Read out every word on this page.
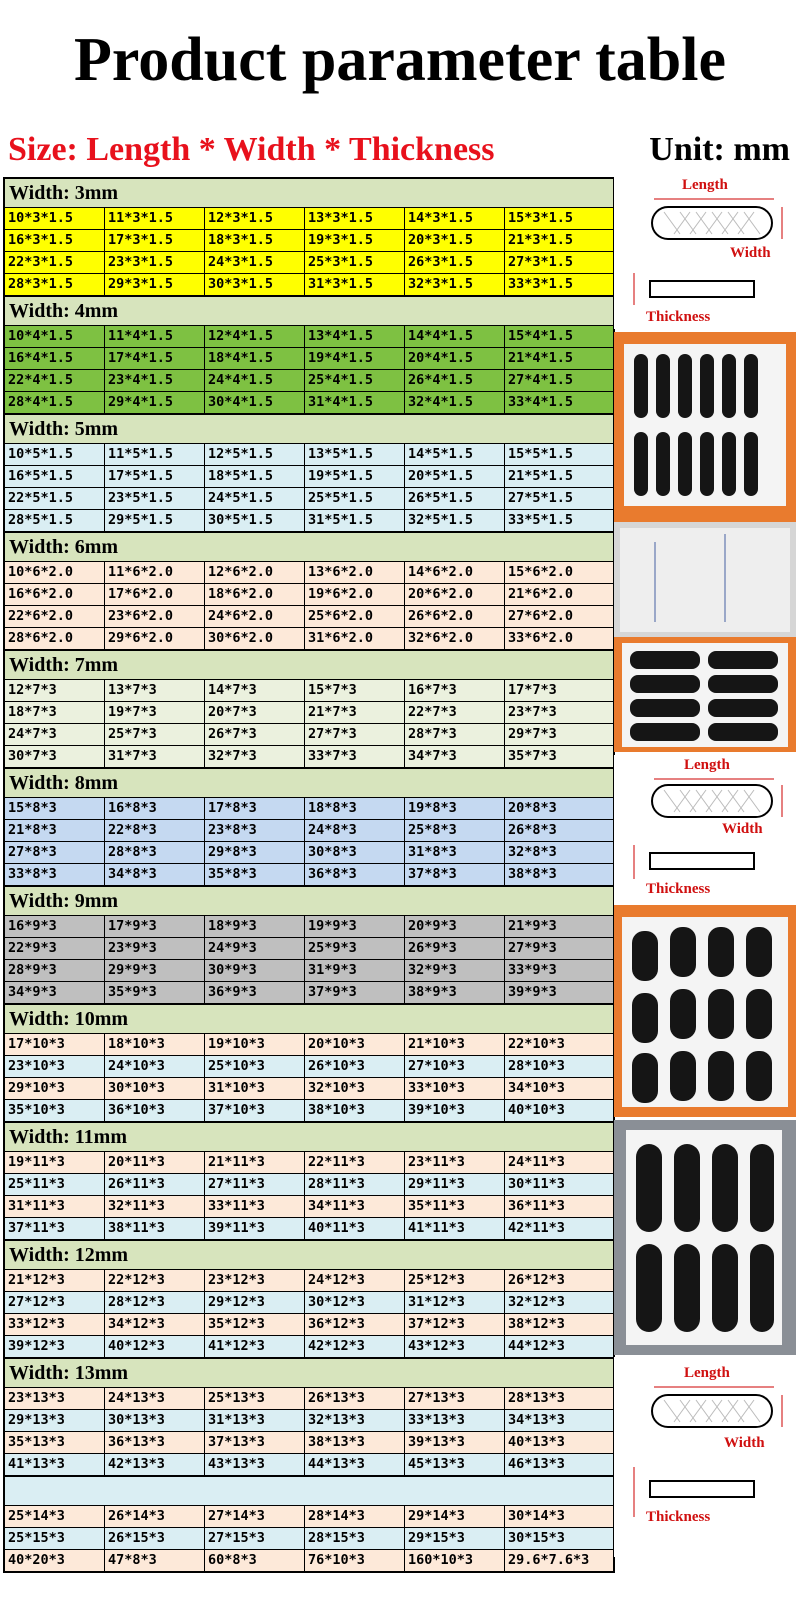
Product parameter table
Size: Length * Width * Thickness	Unit: mm
Width: 3mm
10*3*1.5	11*3*1.5	12*3*1.5	13*3*1.5	14*3*1.5	15*3*1.5
16*3*1.5	17*3*1.5	18*3*1.5	19*3*1.5	20*3*1.5	21*3*1.5
22*3*1.5	23*3*1.5	24*3*1.5	25*3*1.5	26*3*1.5	27*3*1.5
28*3*1.5	29*3*1.5	30*3*1.5	31*3*1.5	32*3*1.5	33*3*1.5
Width: 4mm
10*4*1.5	11*4*1.5	12*4*1.5	13*4*1.5	14*4*1.5	15*4*1.5
16*4*1.5	17*4*1.5	18*4*1.5	19*4*1.5	20*4*1.5	21*4*1.5
22*4*1.5	23*4*1.5	24*4*1.5	25*4*1.5	26*4*1.5	27*4*1.5
28*4*1.5	29*4*1.5	30*4*1.5	31*4*1.5	32*4*1.5	33*4*1.5
Width: 5mm
10*5*1.5	11*5*1.5	12*5*1.5	13*5*1.5	14*5*1.5	15*5*1.5
16*5*1.5	17*5*1.5	18*5*1.5	19*5*1.5	20*5*1.5	21*5*1.5
22*5*1.5	23*5*1.5	24*5*1.5	25*5*1.5	26*5*1.5	27*5*1.5
28*5*1.5	29*5*1.5	30*5*1.5	31*5*1.5	32*5*1.5	33*5*1.5
Width: 6mm
10*6*2.0	11*6*2.0	12*6*2.0	13*6*2.0	14*6*2.0	15*6*2.0
16*6*2.0	17*6*2.0	18*6*2.0	19*6*2.0	20*6*2.0	21*6*2.0
22*6*2.0	23*6*2.0	24*6*2.0	25*6*2.0	26*6*2.0	27*6*2.0
28*6*2.0	29*6*2.0	30*6*2.0	31*6*2.0	32*6*2.0	33*6*2.0
Width: 7mm
12*7*3	13*7*3	14*7*3	15*7*3	16*7*3	17*7*3
18*7*3	19*7*3	20*7*3	21*7*3	22*7*3	23*7*3
24*7*3	25*7*3	26*7*3	27*7*3	28*7*3	29*7*3
30*7*3	31*7*3	32*7*3	33*7*3	34*7*3	35*7*3
Width: 8mm
15*8*3	16*8*3	17*8*3	18*8*3	19*8*3	20*8*3
21*8*3	22*8*3	23*8*3	24*8*3	25*8*3	26*8*3
27*8*3	28*8*3	29*8*3	30*8*3	31*8*3	32*8*3
33*8*3	34*8*3	35*8*3	36*8*3	37*8*3	38*8*3
Width: 9mm
16*9*3	17*9*3	18*9*3	19*9*3	20*9*3	21*9*3
22*9*3	23*9*3	24*9*3	25*9*3	26*9*3	27*9*3
28*9*3	29*9*3	30*9*3	31*9*3	32*9*3	33*9*3
34*9*3	35*9*3	36*9*3	37*9*3	38*9*3	39*9*3
Width: 10mm
17*10*3	18*10*3	19*10*3	20*10*3	21*10*3	22*10*3
23*10*3	24*10*3	25*10*3	26*10*3	27*10*3	28*10*3
29*10*3	30*10*3	31*10*3	32*10*3	33*10*3	34*10*3
35*10*3	36*10*3	37*10*3	38*10*3	39*10*3	40*10*3
Width: 11mm
19*11*3	20*11*3	21*11*3	22*11*3	23*11*3	24*11*3
25*11*3	26*11*3	27*11*3	28*11*3	29*11*3	30*11*3
31*11*3	32*11*3	33*11*3	34*11*3	35*11*3	36*11*3
37*11*3	38*11*3	39*11*3	40*11*3	41*11*3	42*11*3
Width: 12mm
21*12*3	22*12*3	23*12*3	24*12*3	25*12*3	26*12*3
27*12*3	28*12*3	29*12*3	30*12*3	31*12*3	32*12*3
33*12*3	34*12*3	35*12*3	36*12*3	37*12*3	38*12*3
39*12*3	40*12*3	41*12*3	42*12*3	43*12*3	44*12*3
Width: 13mm
23*13*3	24*13*3	25*13*3	26*13*3	27*13*3	28*13*3
29*13*3	30*13*3	31*13*3	32*13*3	33*13*3	34*13*3
35*13*3	36*13*3	37*13*3	38*13*3	39*13*3	40*13*3
41*13*3	42*13*3	43*13*3	44*13*3	45*13*3	46*13*3
25*14*3	26*14*3	27*14*3	28*14*3	29*14*3	30*14*3
25*15*3	26*15*3	27*15*3	28*15*3	29*15*3	30*15*3
40*20*3	47*8*3	60*8*3	76*10*3	160*10*3	29.6*7.6*3
Length
Width
Thickness
Length
Width
Thickness
Length
Width
Thickness
